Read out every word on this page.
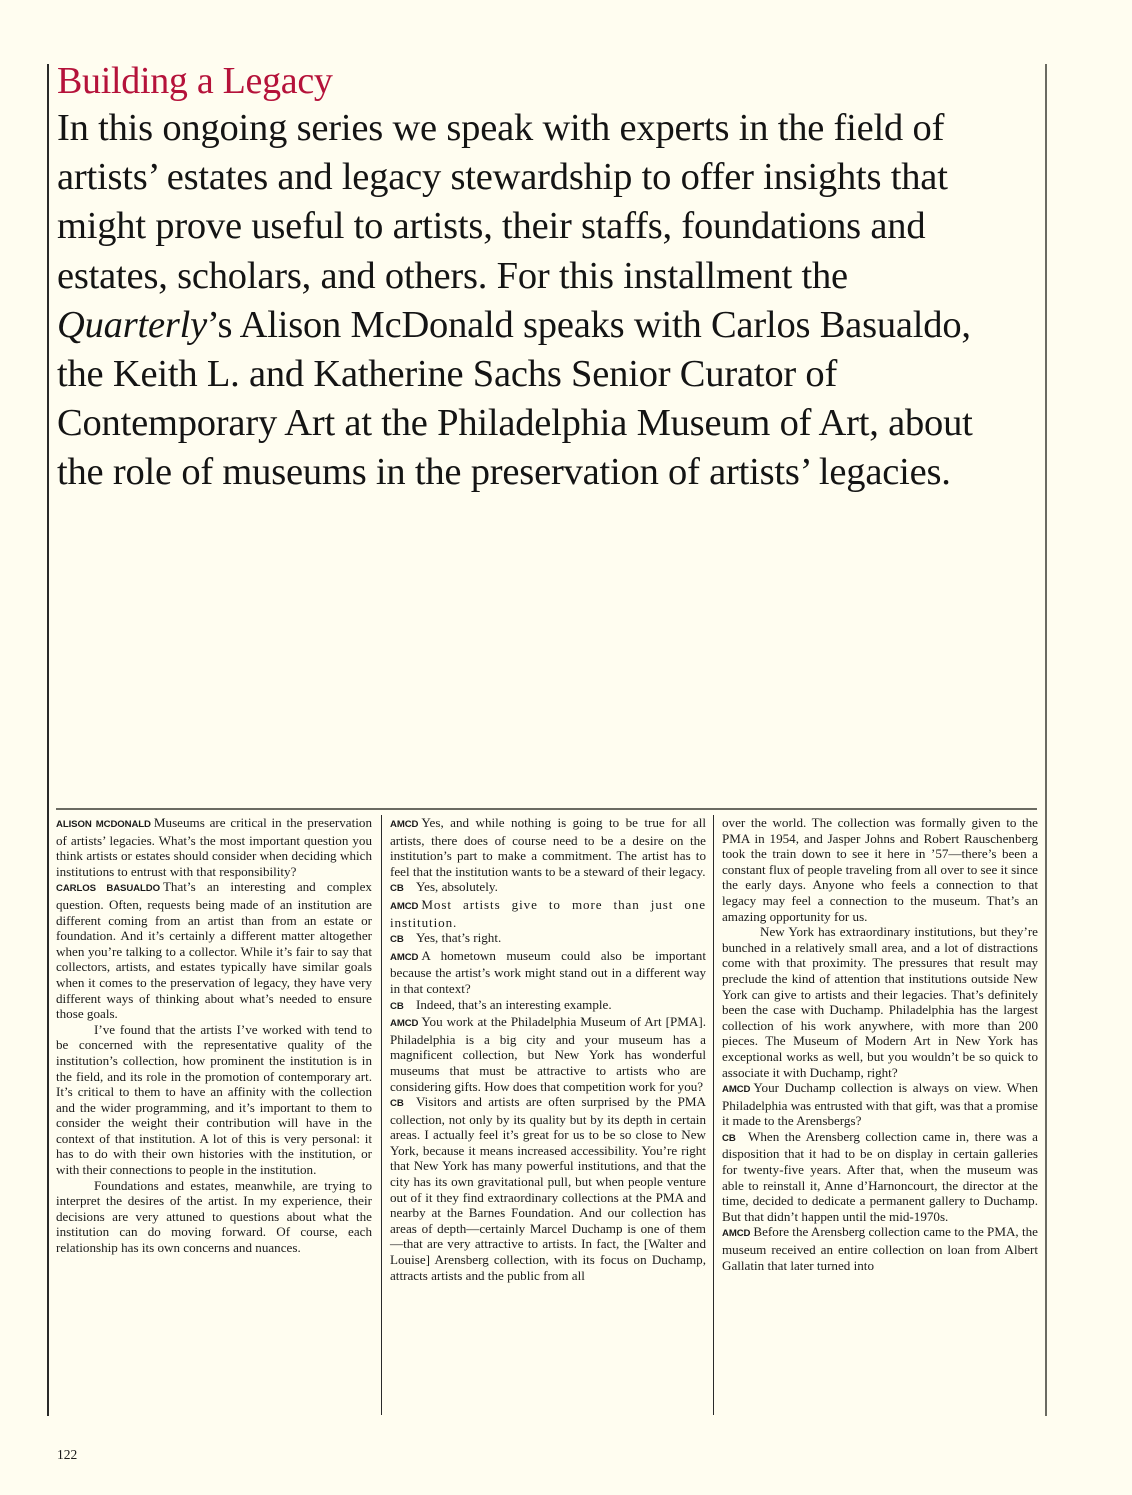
Building a Legacy

In this ongoing series we speak with experts in the field of artists’ estates and legacy stewardship to offer insights that might prove useful to artists, their staffs, foundations and estates, scholars, and others. For this installment the Quarterly’s Alison McDonald speaks with Carlos Basualdo, the Keith L. and Katherine Sachs Senior Curator of Contemporary Art at the Philadelphia Museum of Art, about the role of museums in the preservation of artists’ legacies.

ALISON MCDONALD Museums are critical in the preservation of artists’ legacies. What’s the most important question you think artists or estates should consider when deciding which institutions to entrust with that responsibility?

CARLOS BASUALDO That’s an interesting and complex question. Often, requests being made of an institution are different coming from an artist than from an estate or foundation. And it’s certainly a different matter altogether when you’re talking to a collector. While it’s fair to say that collectors, artists, and estates typically have similar goals when it comes to the preservation of legacy, they have very different ways of thinking about what’s needed to ensure those goals.

I’ve found that the artists I’ve worked with tend to be concerned with the representative quality of the institution’s collection, how prominent the institution is in the field, and its role in the promotion of contemporary art. It’s critical to them to have an affinity with the collection and the wider programming, and it’s important to them to consider the weight their contribution will have in the context of that institution. A lot of this is very personal: it has to do with their own histories with the institution, or with their connections to people in the institution.

Foundations and estates, meanwhile, are trying to interpret the desires of the artist. In my experience, their decisions are very attuned to questions about what the institution can do moving forward. Of course, each relationship has its own concerns and nuances.

AMCD Yes, and while nothing is going to be true for all artists, there does of course need to be a desire on the institution’s part to make a commitment. The artist has to feel that the institution wants to be a steward of their legacy.

CB Yes, absolutely.

AMCD Most artists give to more than just one institution.

CB Yes, that’s right.

AMCD A hometown museum could also be important because the artist’s work might stand out in a different way in that context?

CB Indeed, that’s an interesting example.

AMCD You work at the Philadelphia Museum of Art [PMA]. Philadelphia is a big city and your museum has a magnificent collection, but New York has wonderful museums that must be attractive to artists who are considering gifts. How does that competition work for you?

CB Visitors and artists are often surprised by the PMA collection, not only by its quality but by its depth in certain areas. I actually feel it’s great for us to be so close to New York, because it means increased accessibility. You’re right that New York has many powerful institutions, and that the city has its own gravitational pull, but when people venture out of it they find extraordinary collections at the PMA and nearby at the Barnes Foundation. And our collection has areas of depth—certainly Marcel Duchamp is one of them—that are very attractive to artists. In fact, the [Walter and Louise] Arensberg collection, with its focus on Duchamp, attracts artists and the public from all

over the world. The collection was formally given to the PMA in 1954, and Jasper Johns and Robert Rauschenberg took the train down to see it here in ’57—there’s been a constant flux of people traveling from all over to see it since the early days. Anyone who feels a connection to that legacy may feel a connection to the museum. That’s an amazing opportunity for us.

New York has extraordinary institutions, but they’re bunched in a relatively small area, and a lot of distractions come with that proximity. The pressures that result may preclude the kind of attention that institutions outside New York can give to artists and their legacies. That’s definitely been the case with Duchamp. Philadelphia has the largest collection of his work anywhere, with more than 200 pieces. The Museum of Modern Art in New York has exceptional works as well, but you wouldn’t be so quick to associate it with Duchamp, right?

AMCD Your Duchamp collection is always on view. When Philadelphia was entrusted with that gift, was that a promise it made to the Arensbergs?

CB When the Arensberg collection came in, there was a disposition that it had to be on display in certain galleries for twenty-five years. After that, when the museum was able to reinstall it, Anne d’Harnoncourt, the director at the time, decided to dedicate a permanent gallery to Duchamp. But that didn’t happen until the mid-1970s.

AMCD Before the Arensberg collection came to the PMA, the museum received an entire collection on loan from Albert Gallatin that later turned into

122
